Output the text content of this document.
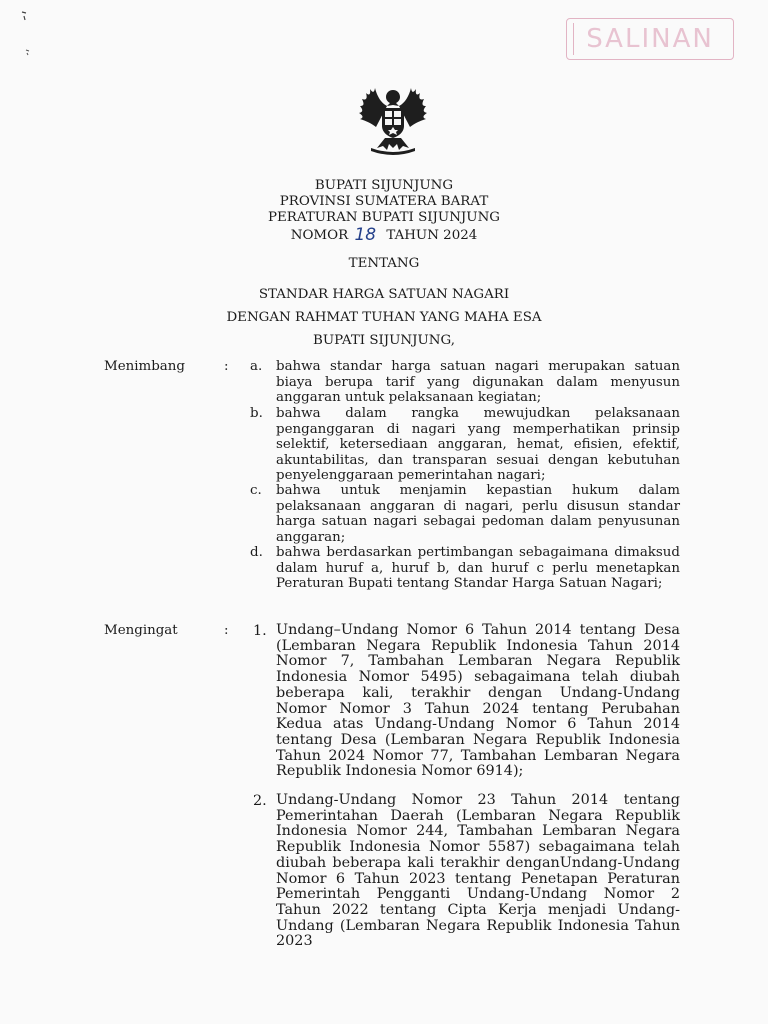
SALINAN
BUPATI SIJUNJUNG
PROVINSI SUMATERA BARAT
PERATURAN BUPATI SIJUNJUNG
NOMOR 18 TAHUN 2024
TENTANG
STANDAR HARGA SATUAN NAGARI
DENGAN RAHMAT TUHAN YANG MAHA ESA
BUPATI SIJUNJUNG,
Menimbang	: a. bahwa standar harga satuan nagari merupakan satuan biaya berupa tarif yang digunakan dalam menyusun anggaran untuk pelaksanaan kegiatan;
b. bahwa dalam rangka mewujudkan pelaksanaan penganggaran di nagari yang memperhatikan prinsip selektif, ketersediaan anggaran, hemat, efisien, efektif, akuntabilitas, dan transparan sesuai dengan kebutuhan penyelenggaraan pemerintahan nagari;
c. bahwa untuk menjamin kepastian hukum dalam pelaksanaan anggaran di nagari, perlu disusun standar harga satuan nagari sebagai pedoman dalam penyusunan anggaran;
d. bahwa berdasarkan pertimbangan sebagaimana dimaksud dalam huruf a, huruf b, dan huruf c perlu menetapkan Peraturan Bupati tentang Standar Harga Satuan Nagari;
Mengingat	: 1. Undang–Undang Nomor 6 Tahun 2014 tentang Desa (Lembaran Negara Republik Indonesia Tahun 2014 Nomor 7, Tambahan Lembaran Negara Republik Indonesia Nomor 5495) sebagaimana telah diubah beberapa kali, terakhir dengan Undang-Undang Nomor Nomor 3 Tahun 2024 tentang Perubahan Kedua atas Undang-Undang Nomor 6 Tahun 2014 tentang Desa (Lembaran Negara Republik Indonesia Tahun 2024 Nomor 77, Tambahan Lembaran Negara Republik Indonesia Nomor 6914);
2. Undang-Undang Nomor 23 Tahun 2014 tentang Pemerintahan Daerah (Lembaran Negara Republik Indonesia Nomor 244, Tambahan Lembaran Negara Republik Indonesia Nomor 5587) sebagaimana telah diubah beberapa kali terakhir denganUndang-Undang Nomor 6 Tahun 2023 tentang Penetapan Peraturan Pemerintah Pengganti Undang-Undang Nomor 2 Tahun 2022 tentang Cipta Kerja menjadi Undang-Undang (Lembaran Negara Republik Indonesia Tahun 2023
